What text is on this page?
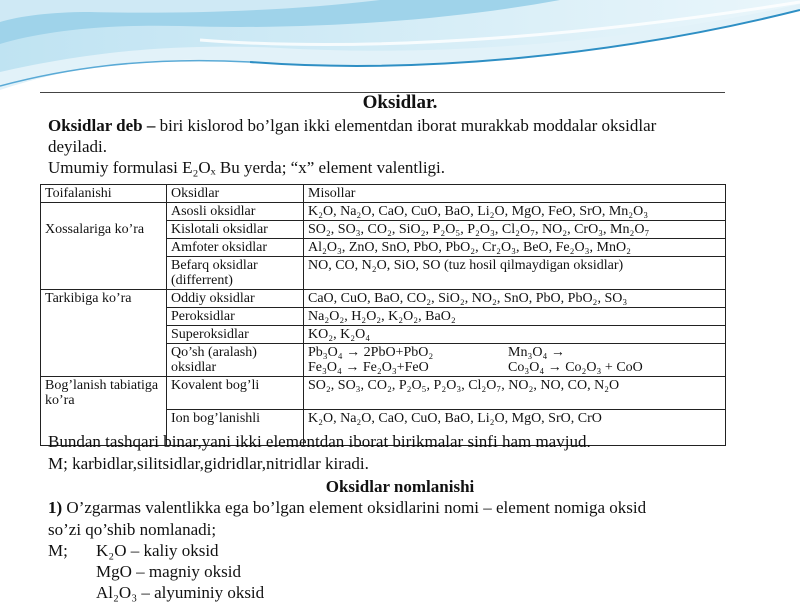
Oksidlar.
Oksidlar deb – biri kislorod bo’lgan ikki elementdan iborat murakkab moddalar oksidlar
deyiladi.
Umumiy formulasi E₂Oₓ Bu yerda; “x” element valentligi.
Toifalanishi	Oksidlar	Misollar
	Asosli oksidlar	K₂O, Na₂O, CaO, CuO, BaO, Li₂O, MgO, FeO, SrO, Mn₂O₃
Xossalariga ko’ra	Kislotali oksidlar	SO₂, SO₃, CO₂, SiO₂, P₂O₅, P₂O₃, Cl₂O₇, NO₂, CrO₃, Mn₂O₇
	Amfoter oksidlar	Al₂O₃, ZnO, SnO, PbO, PbO₂, Cr₂O₃, BeO, Fe₂O₃, MnO₂
	Befarq oksidlar (differrent)	NO, CO, N₂O, SiO, SO (tuz hosil qilmaydigan oksidlar)
Tarkibiga ko’ra	Oddiy oksidlar	CaO, CuO, BaO, CO₂, SiO₂, NO₂, SnO, PbO, PbO₂, SO₃
	Peroksidlar	Na₂O₂, H₂O₂, K₂O₂, BaO₂
	Superoksidlar	KO₂, K₂O₄
	Qo’sh (aralash) oksidlar	Pb₃O₄ → 2PbO+PbO₂ Mn₃O₄ →
Fe₃O₄ → Fe₂O₃+FeO Co₃O₄ → Co₂O₃ + CoO

Bog’lanish tabiatiga ko’ra	Kovalent bog’li	SO₂, SO₃, CO₂, P₂O₅, P₂O₃, Cl₂O₇, NO₂, NO, CO, N₂O
	Ion bog’lanishli	K₂O, Na₂O, CaO, CuO, BaO, Li₂O, MgO, SrO, CrO
Bundan tashqari binar,yani ikki elementdan iborat birikmalar sinfi ham mavjud.
M; karbidlar,silitsidlar,gidridlar,nitridlar kiradi.
Oksidlar nomlanishi
1) O’zgarmas valentlikka ega bo’lgan element oksidlarini nomi – element nomiga oksid
so’zi qo’shib nomlanadi;
M; K₂O – kaliy oksid
MgO – magniy oksid
Al₂O₃ – alyuminiy oksid
